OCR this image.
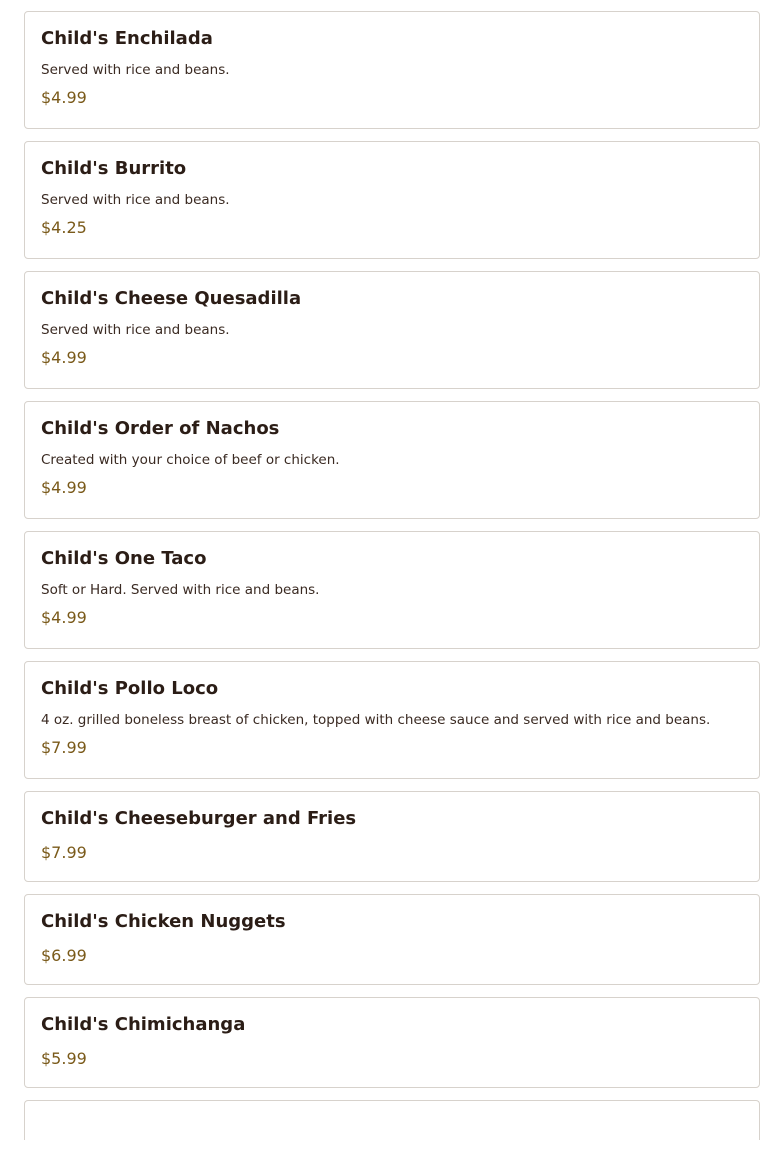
Child's Enchilada
Served with rice and beans.
$4.99
Child's Burrito
Served with rice and beans.
$4.25
Child's Cheese Quesadilla
Served with rice and beans.
$4.99
Child's Order of Nachos
Created with your choice of beef or chicken.
$4.99
Child's One Taco
Soft or Hard. Served with rice and beans.
$4.99
Child's Pollo Loco
4 oz. grilled boneless breast of chicken, topped with cheese sauce and served with rice and beans.
$7.99
Child's Cheeseburger and Fries
$7.99
Child's Chicken Nuggets
$6.99
Child's Chimichanga
$5.99
